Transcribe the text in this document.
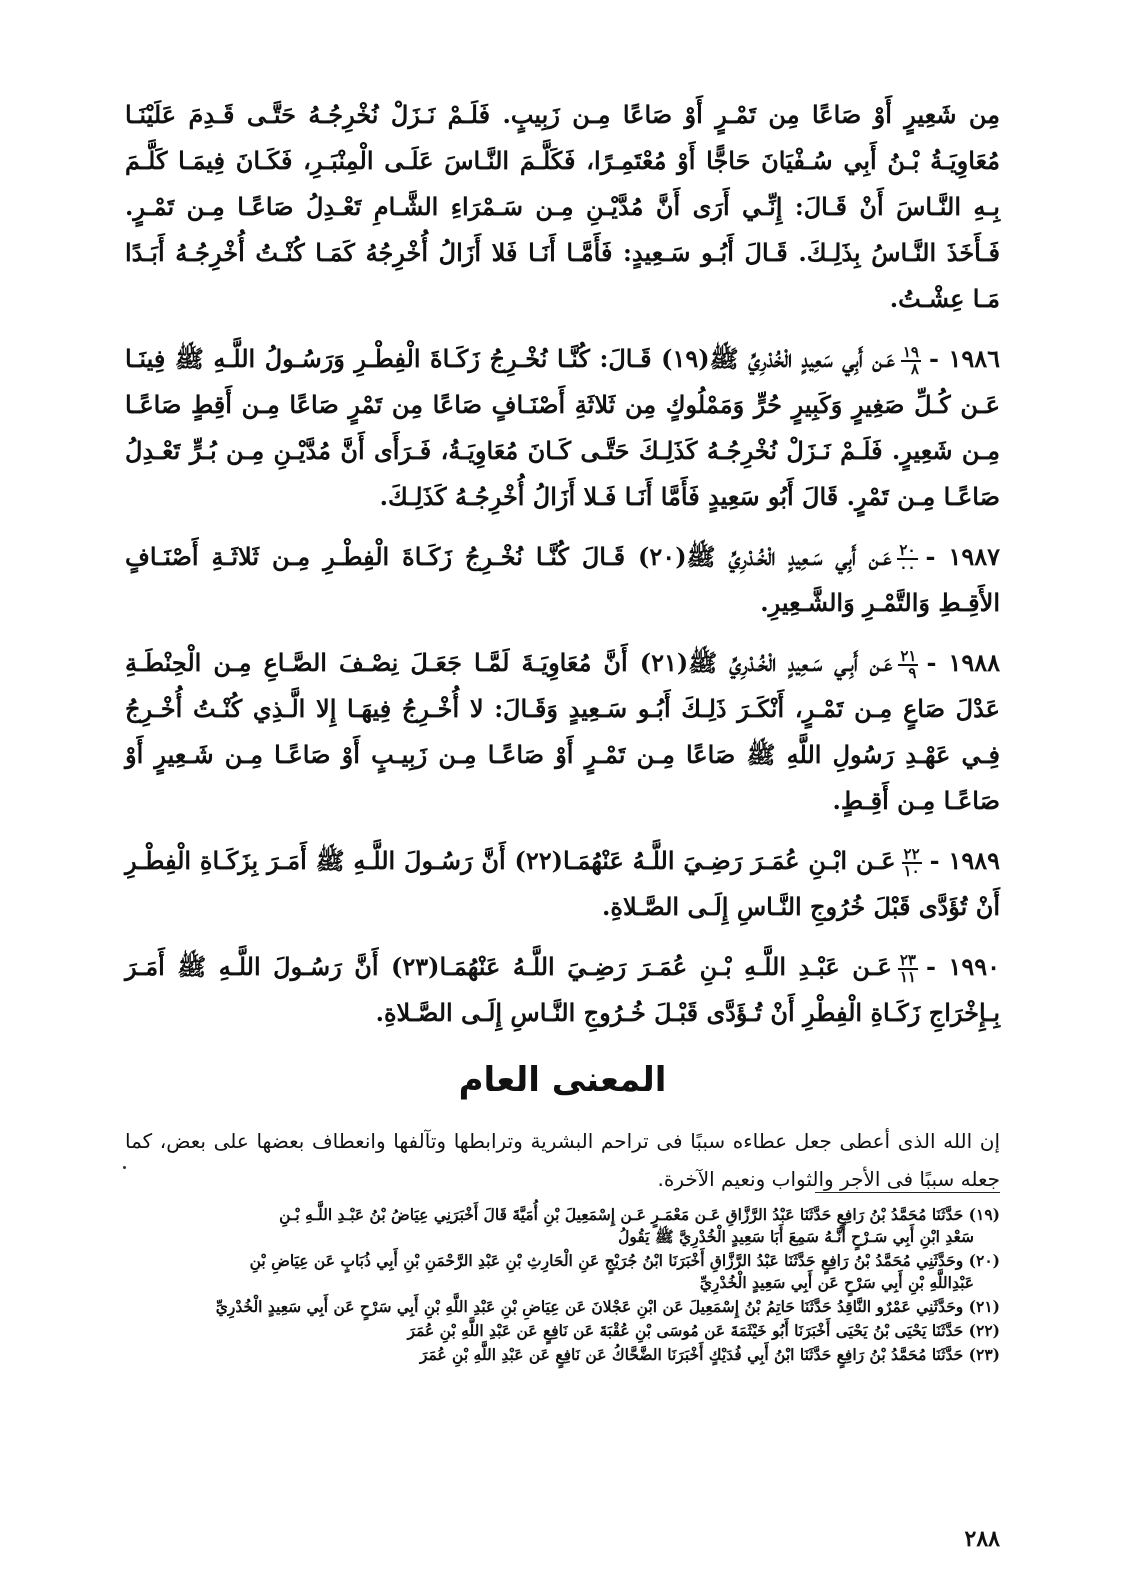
مِن شَعِيرٍ أَوْ صَاعًا مِن تَمْـرٍ أَوْ صَاعًا مِـن زَبِيبٍ. فَلَـمْ نَـزَلْ نُخْرِجُـهُ حَتَّـى قَـدِمَ عَلَيْنَـا مُعَاوِيَـةُ بْـنُ أَبِي سُـفْيَانَ حَاجًّا أَوْ مُعْتَمِـرًا، فَكَلَّـمَ النَّـاسَ عَلَـى الْمِنْبَـرِ، فَكَـانَ فِيمَـا كَلَّـمَ بِـهِ النَّـاسَ أَنْ قَـالَ: إِنِّـي أَرَى أَنَّ مُدَّيْـنِ مِـن سَـمْرَاءِ الشَّـامِ تَعْـدِلُ صَاعًـا مِـن تَمْـرٍ. فَـأَخَذَ النَّـاسُ بِذَلِـكَ. قَـالَ أَبُـو سَـعِيدٍ: فَأَمَّـا أَنَـا فَلا أَزَالُ أُخْرِجُهُ كَمَـا كُنْـتُ أُخْرِجُـهُ أَبَـدًا مَـا عِشْـتُ.

١٩٨٦ -
$\frac{١٩}{٨}$
عَـن أَبِي سَعِيدٍ الْخُدْرِيِّ ﷺ(١٩) قَـالَ: كُنَّـا نُخْـرِجُ زَكَـاةَ الْفِطْـرِ وَرَسُـولُ اللَّـهِ ﷺ فِينَـا عَـن كُـلِّ صَغِيرٍ وَكَبِيرٍ حُرٍّ وَمَمْلُوكٍ مِن ثَلاثَةِ أَصْنَـافٍ صَاعًا مِن تَمْرٍ صَاعًا مِـن أَقِطٍ صَاعًـا مِـن شَعِيرٍ. فَلَـمْ نَـزَلْ نُخْرِجُـهُ كَذَلِـكَ حَتَّـى كَـانَ مُعَاوِيَـةُ، فَـرَأَى أَنَّ مُدَّيْـنِ مِـن بُـرٍّ تَعْـدِلُ صَاعًـا مِـن تَمْرٍ. قَالَ أَبُو سَعِيدٍ فَأَمَّا أَنَـا فَـلا أَزَالُ أُخْرِجُـهُ كَذَلِـكَ.

١٩٨٧ -
$\frac{٢٠}{٠٠}$
عَـن أَبِي سَـعِيدٍ الْخُـدْرِيِّ ﷺ(٢٠) قَـالَ كُنَّـا نُخْـرِجُ زَكَـاةَ الْفِطْـرِ مِـن ثَلاثَـةِ أَصْنَـافٍ الأَقِـطِ وَالتَّمْـرِ وَالشَّـعِيرِ.

١٩٨٨ -
$\frac{٢١}{٩}$
عَـن أَبِـي سَـعِيدٍ الْخُـدْرِيِّ ﷺ(٢١) أَنَّ مُعَاوِيَـةَ لَمَّـا جَعَـلَ نِصْـفَ الصَّـاعِ مِـن الْحِنْطَـةِ عَدْلَ صَاعٍ مِـن تَمْـرٍ، أَنْكَـرَ ذَلِـكَ أَبُـو سَـعِيدٍ وَقَـالَ: لا أُخْـرِجُ فِيهَـا إِلا الَّـذِي كُنْـتُ أُخْـرِجُ فِـي عَهْـدِ رَسُولِ اللَّهِ ﷺ صَاعًا مِـن تَمْـرٍ أَوْ صَاعًـا مِـن زَبِيـبٍ أَوْ صَاعًـا مِـن شَـعِيرٍ أَوْ صَاعًـا مِـن أَقِـطٍ.

١٩٨٩ -
$\frac{٢٢}{١٠}$
عَـن ابْـنِ عُمَـرَ رَضِـيَ اللَّـهُ عَنْهُمَـا(٢٢) أَنَّ رَسُـولَ اللَّـهِ ﷺ أَمَـرَ بِزَكَـاةِ الْفِطْـرِ أَنْ تُؤَدَّى قَبْلَ خُرُوجِ النَّـاسِ إِلَـى الصَّـلاةِ.

١٩٩٠ -
$\frac{٢٣}{١١}$
عَـن عَبْـدِ اللَّـهِ بْـنِ عُمَـرَ رَضِـيَ اللَّـهُ عَنْهُمَـا(٢٣) أَنَّ رَسُـولَ اللَّـهِ ﷺ أَمَـرَ بِـإِخْرَاجِ زَكَـاةِ الْفِطْرِ أَنْ تُـؤَدَّى قَبْـلَ خُـرُوجِ النَّـاسِ إِلَـى الصَّـلاةِ.

المعنى العام

إن الله الذى أعطى جعل عطاءه سببًا فى تراحم البشرية وترابطها وتآلفها وانعطاف بعضها على بعض، كما جعله سببًا فى الأجر والثواب ونعيم الآخرة.

(١٩) حَدَّثَنَا مُحَمَّدُ بْنُ رَافِعٍ حَدَّثَنَا عَبْدُ الرَّزَّاقِ عَـن مَعْمَـرٍ عَـن إِسْمَعِيلَ بْنِ أُمَيَّةَ قَالَ أَخْبَرَنِي عِيَاضُ بْنُ عَبْـدِ اللَّـهِ بْـنِ
سَعْدِ ابْنِ أَبِي سَـرْحٍ أَنَّـهُ سَمِعَ أَبَا سَعِيدٍ الْخُدْرِيَّ ﷺ يَقُولُ

(٢٠) وحَدَّثَنِي مُحَمَّدُ بْنُ رَافِعٍ حَدَّثَنَا عَبْدُ الرَّزَّاقِ أَخْبَرَنَا ابْنُ جُرَيْجٍ عَنِ الْحَارِثِ بْنِ عَبْدِ الرَّحْمَنِ بْنِ أَبِي ذُبَابٍ عَن عِيَاضِ بْنِ
عَبْدِاللَّهِ بْنِ أَبِي سَرْحٍ عَن أَبِي سَعِيدٍ الْخُدْرِيِّ

(٢١) وحَدَّثَنِي عَمْرٌو النَّاقِدُ حَدَّثَنَا حَاتِمُ بْنُ إِسْمَعِيلَ عَن ابْنِ عَجْلانَ عَن عِيَاضِ بْنِ عَبْدِ اللَّهِ بْنِ أَبِي سَرْحٍ عَن أَبِي سَعِيدٍ الْخُدْرِيِّ

(٢٢) حَدَّثَنَا يَحْيَى بْنُ يَحْيَى أَخْبَرَنَا أَبُو خَيْثَمَةَ عَن مُوسَى بْنِ عُقْبَةَ عَن نَافِعٍ عَن عَبْدِ اللَّهِ بْنِ عُمَرَ

(٢٣) حَدَّثَنَا مُحَمَّدُ بْنُ رَافِعٍ حَدَّثَنَا ابْنُ أَبِي فُدَيْكٍ أَخْبَرَنَا الضَّحَّاكُ عَن نَافِعٍ عَن عَبْدِ اللَّهِ بْنِ عُمَرَ

٢٨٨
